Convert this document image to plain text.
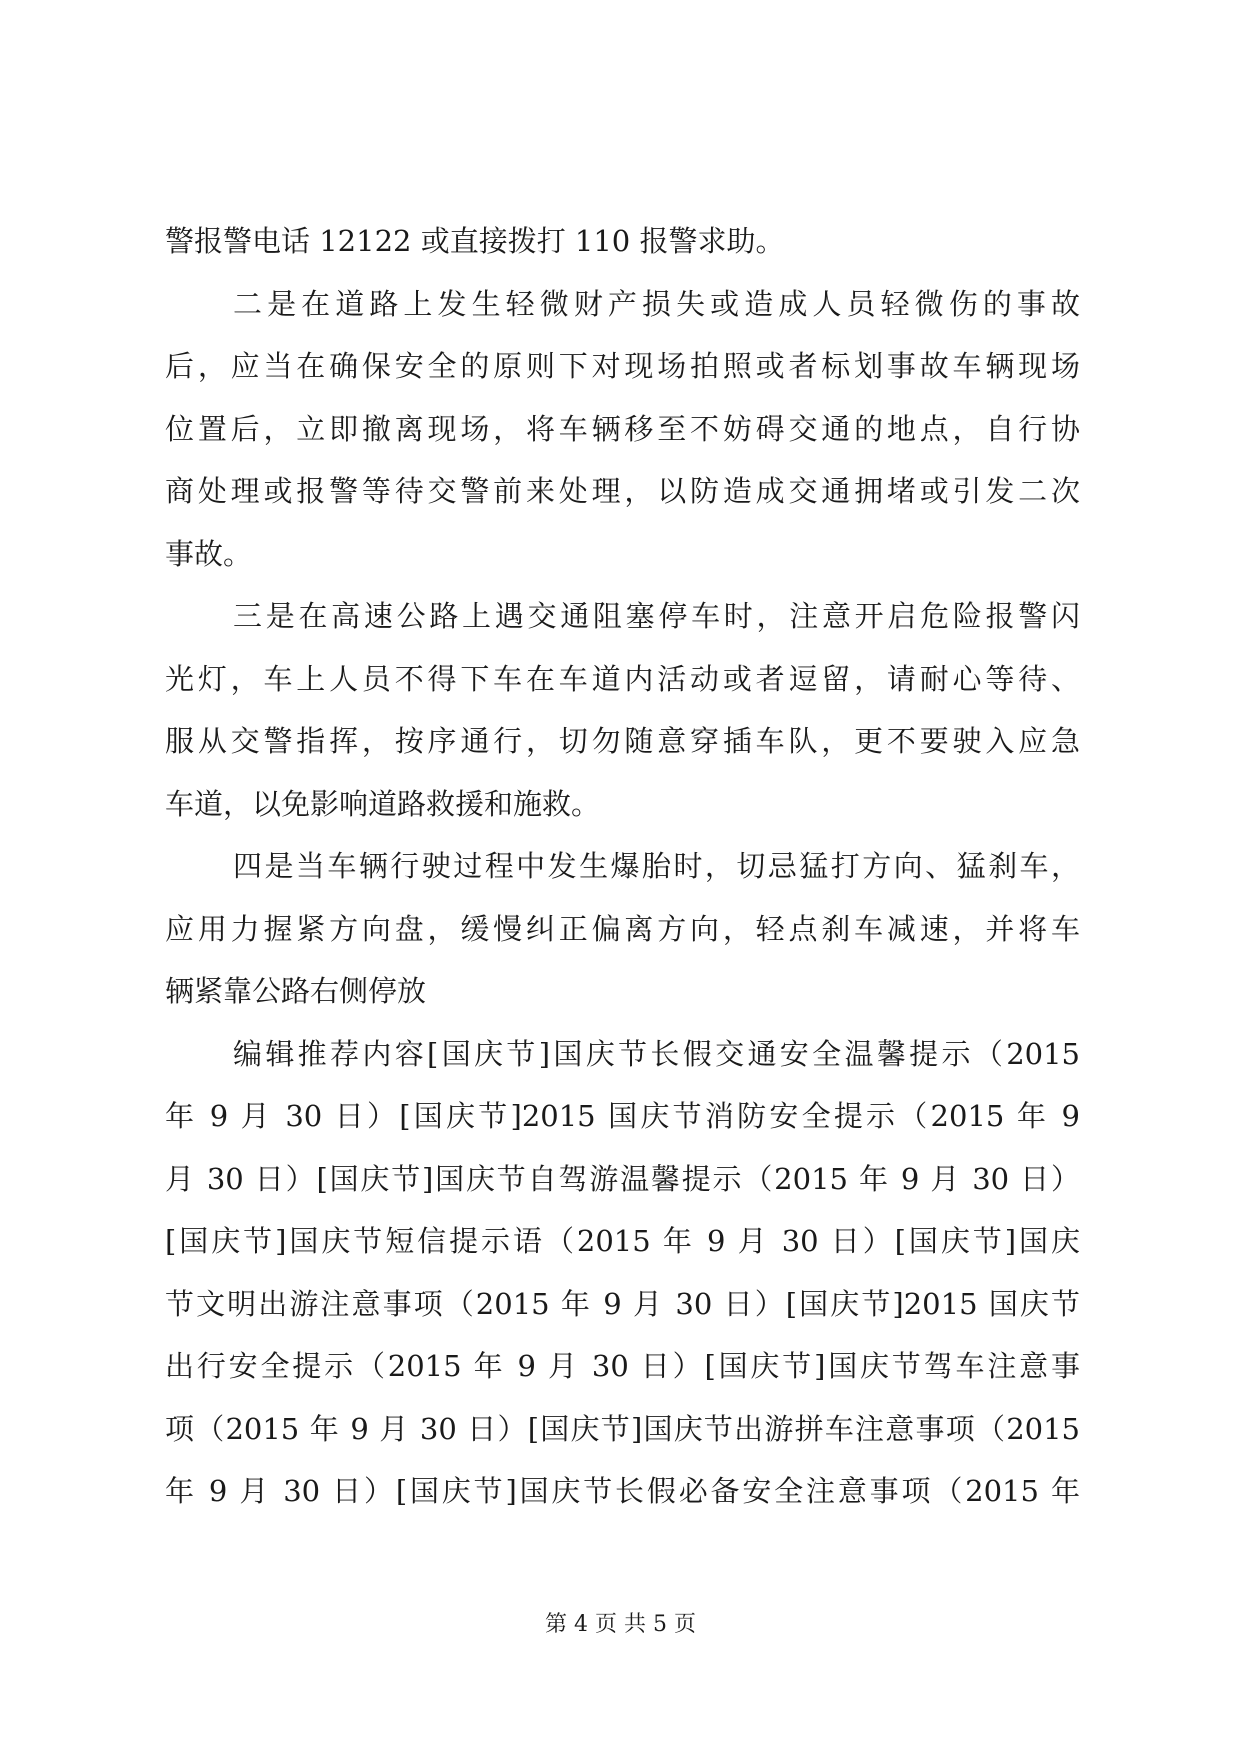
警报警电话 12122 或直接拨打 110 报警求助。
二是在道路上发生轻微财产损失或造成人员轻微伤的事故
后，应当在确保安全的原则下对现场拍照或者标划事故车辆现场
位置后，立即撤离现场，将车辆移至不妨碍交通的地点，自行协
商处理或报警等待交警前来处理，以防造成交通拥堵或引发二次
事故。
三是在高速公路上遇交通阻塞停车时，注意开启危险报警闪
光灯，车上人员不得下车在车道内活动或者逗留，请耐心等待、
服从交警指挥，按序通行，切勿随意穿插车队，更不要驶入应急
车道，以免影响道路救援和施救。
四是当车辆行驶过程中发生爆胎时，切忌猛打方向、猛刹车，
应用力握紧方向盘，缓慢纠正偏离方向，轻点刹车减速，并将车
辆紧靠公路右侧停放
编辑推荐内容[国庆节]国庆节长假交通安全温馨提示（2015
年 9 月 30 日）[国庆节]2015 国庆节消防安全提示（2015 年 9
月 30 日）[国庆节]国庆节自驾游温馨提示（2015 年 9 月 30 日）
[国庆节]国庆节短信提示语（2015 年 9 月 30 日）[国庆节]国庆
节文明出游注意事项（2015 年 9 月 30 日）[国庆节]2015 国庆节
出行安全提示（2015 年 9 月 30 日）[国庆节]国庆节驾车注意事
项（2015 年 9 月 30 日）[国庆节]国庆节出游拼车注意事项（2015
年 9 月 30 日）[国庆节]国庆节长假必备安全注意事项（2015 年
第 4 页 共 5 页
